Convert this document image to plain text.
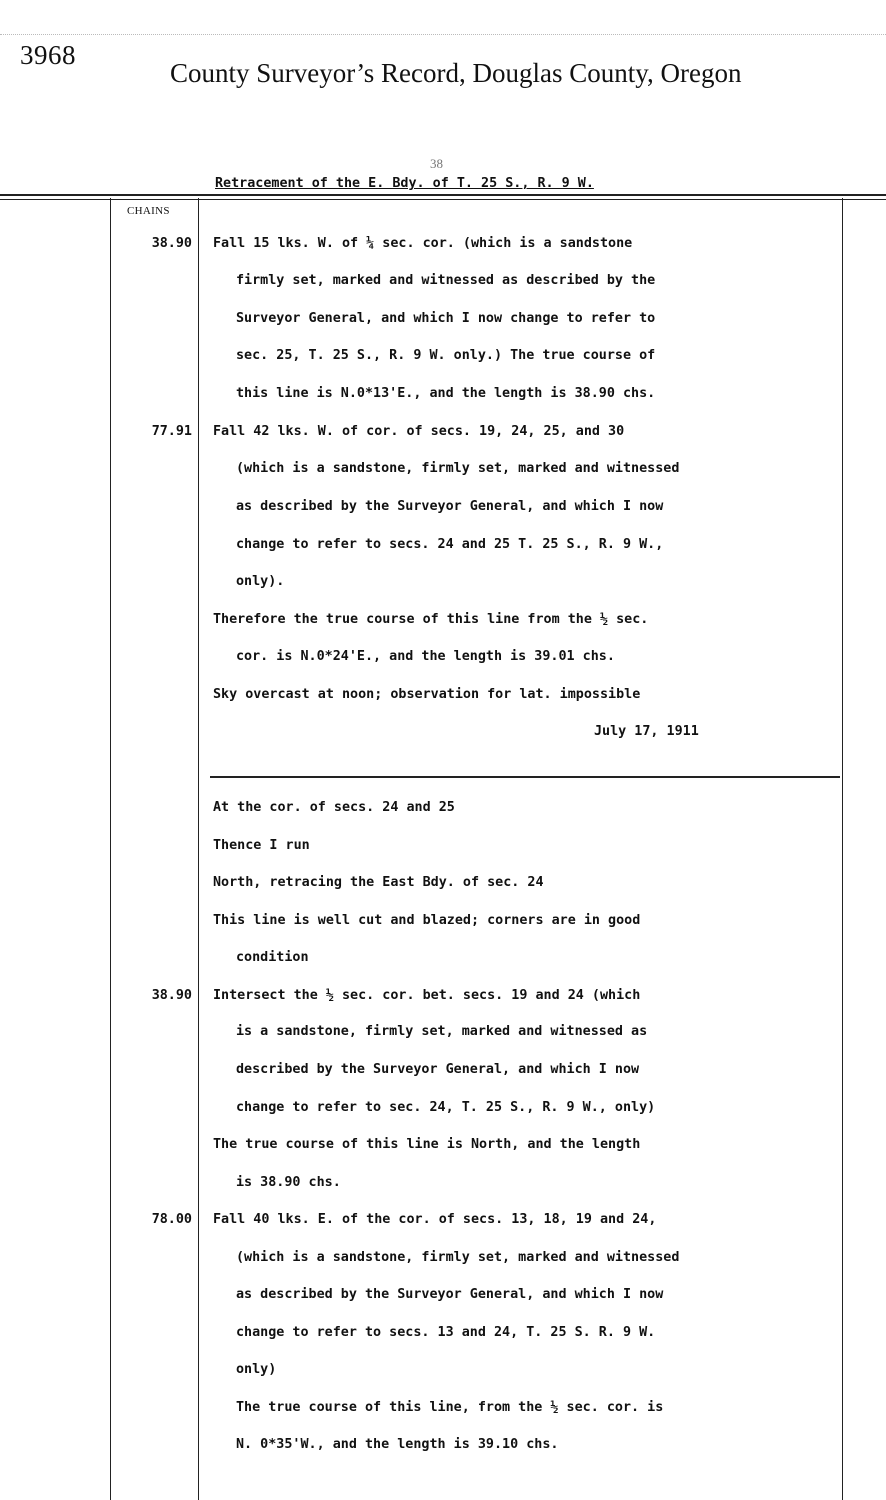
3968
County Surveyor’s Record, Douglas County, Oregon
38
Retracement of the E. Bdy. of T. 25 S., R. 9 W.
CHAINS
38.90 Fall 15 lks. W. of ¼ sec. cor. (which is a sandstone
firmly set, marked and witnessed as described by the
Surveyor General, and which I now change to refer to
sec. 25, T. 25 S., R. 9 W. only.) The true course of
this line is N.0*13'E., and the length is 38.90 chs.
77.91 Fall 42 lks. W. of cor. of secs. 19, 24, 25, and 30
(which is a sandstone, firmly set, marked and witnessed
as described by the Surveyor General, and which I now
change to refer to secs. 24 and 25 T. 25 S., R. 9 W.,
only).
Therefore the true course of this line from the ½ sec.
cor. is N.0*24'E., and the length is 39.01 chs.
Sky overcast at noon; observation for lat. impossible
July 17, 1911
At the cor. of secs. 24 and 25
Thence I run
North, retracing the East Bdy. of sec. 24
This line is well cut and blazed; corners are in good
condition
38.90 Intersect the ½ sec. cor. bet. secs. 19 and 24 (which
is a sandstone, firmly set, marked and witnessed as
described by the Surveyor General, and which I now
change to refer to sec. 24, T. 25 S., R. 9 W., only)
The true course of this line is North, and the length
is 38.90 chs.
78.00 Fall 40 lks. E. of the cor. of secs. 13, 18, 19 and 24,
(which is a sandstone, firmly set, marked and witnessed
as described by the Surveyor General, and which I now
change to refer to secs. 13 and 24, T. 25 S. R. 9 W.
only)
The true course of this line, from the ½ sec. cor. is
N. 0*35'W., and the length is 39.10 chs.
